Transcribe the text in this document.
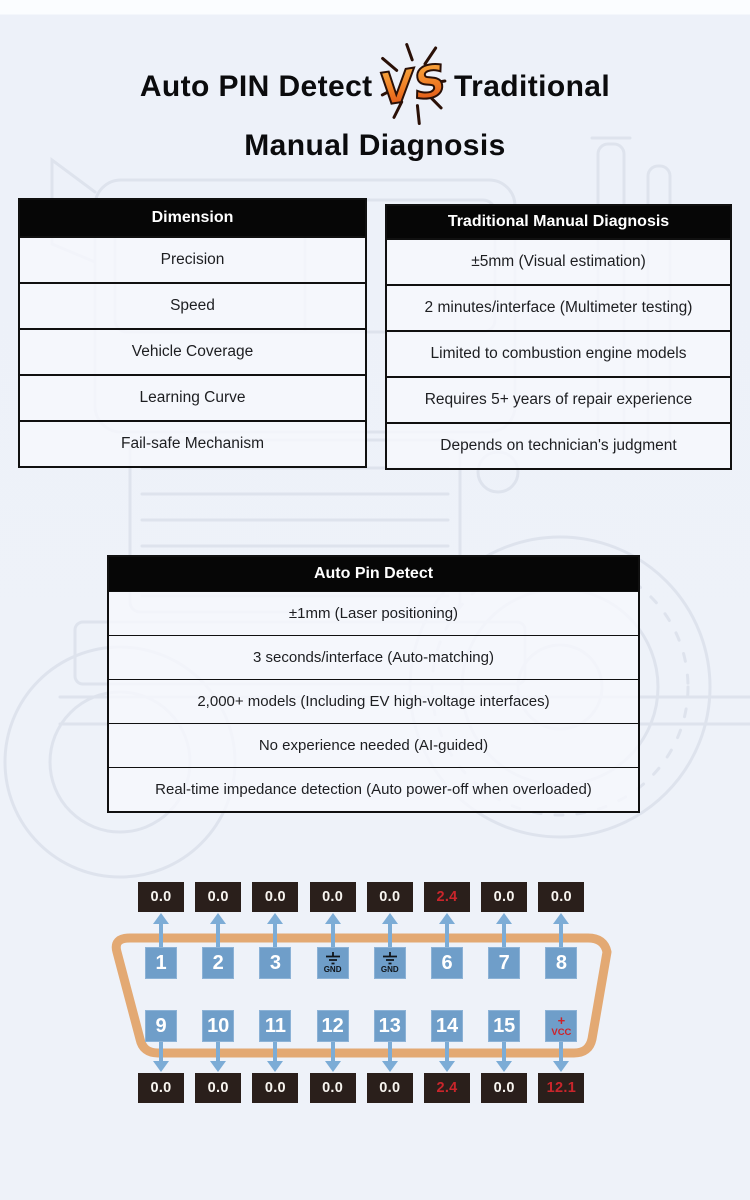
Auto PIN Detect VS Traditional
Manual Diagnosis
Dimension
Precision
Speed
Vehicle Coverage
Learning Curve
Fail-safe Mechanism
Traditional Manual Diagnosis
±5mm (Visual estimation)
2 minutes/interface (Multimeter testing)
Limited to combustion engine models
Requires 5+ years of repair experience
Depends on technician's judgment
Auto Pin Detect
±1mm (Laser positioning)
3 seconds/interface (Auto-matching)
2,000+ models (Including EV high-voltage interfaces)
No experience needed (AI-guided)
Real-time impedance detection (Auto power-off when overloaded)
0.0
1
9
0.0
0.0
2
10
0.0
0.0
3
11
0.0
0.0
GND
12
0.0
0.0
GND
13
0.0
2.4
6
14
2.4
0.0
7
15
0.0
0.0
8
+
VCC
12.1
